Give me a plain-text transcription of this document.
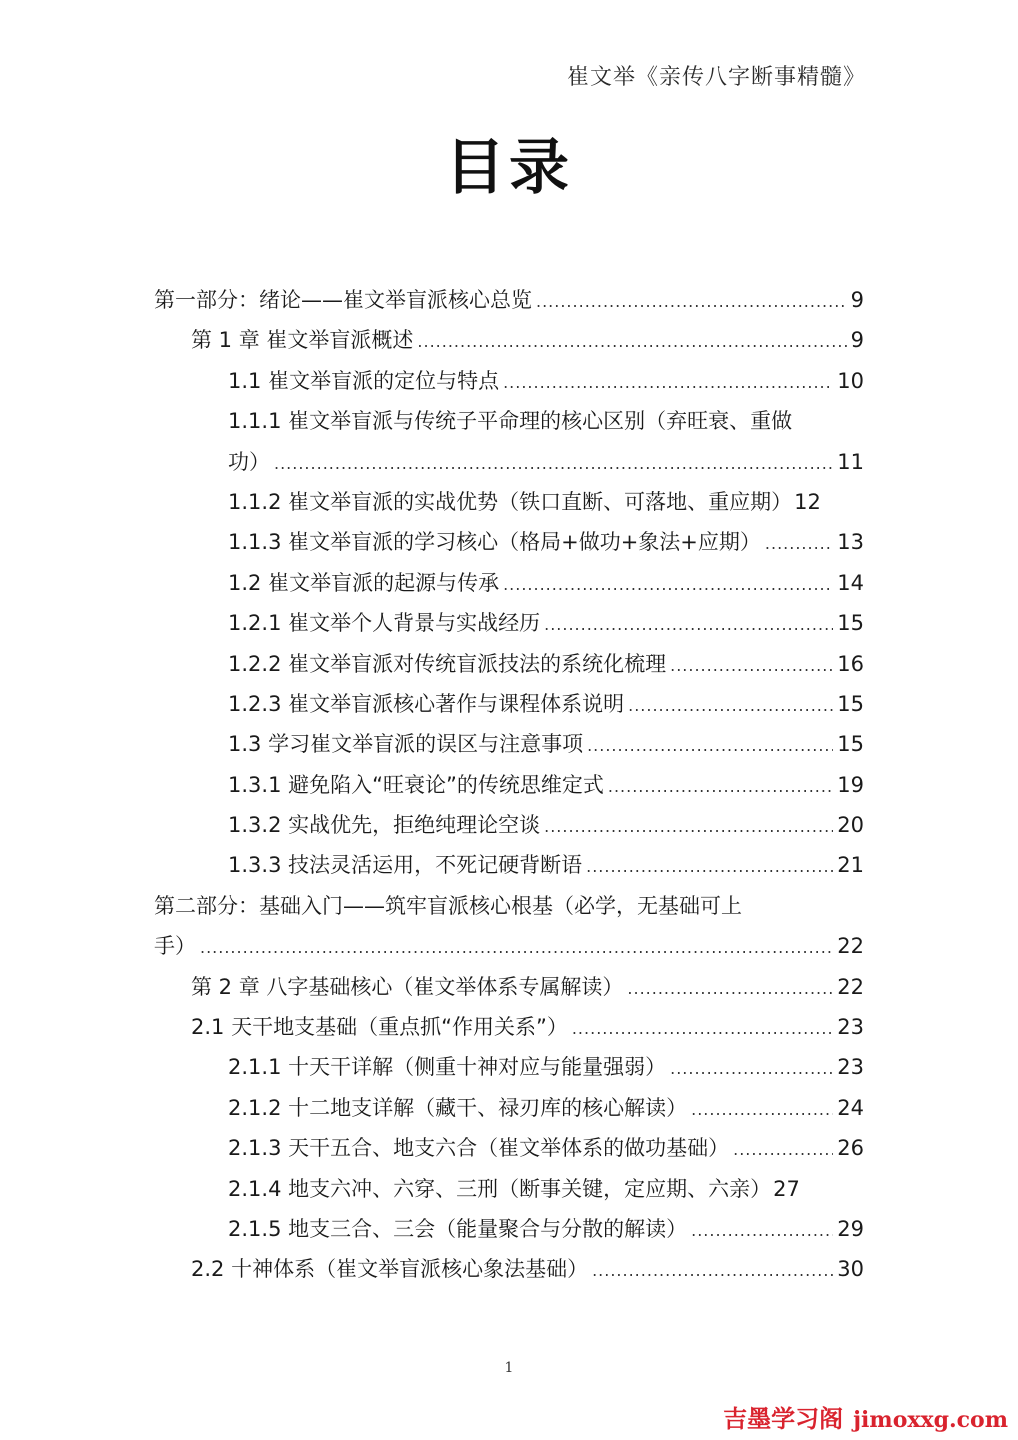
崔文举《亲传八字断事精髓》
目录
第一部分：绪论——崔文举盲派核心总览 .....	9
第 1 章 崔文举盲派概述 .....	9
1.1 崔文举盲派的定位与特点 .....	10
1.1.1 崔文举盲派与传统子平命理的核心区别（弃旺衰、重做
功） .....	11
1.1.2 崔文举盲派的实战优势（铁口直断、可落地、重应期） 12
1.1.3 崔文举盲派的学习核心（格局+做功+象法+应期） .....	13
1.2 崔文举盲派的起源与传承 .....	14
1.2.1 崔文举个人背景与实战经历 .....	15
1.2.2 崔文举盲派对传统盲派技法的系统化梳理 .....	16
1.2.3 崔文举盲派核心著作与课程体系说明 .....	15
1.3 学习崔文举盲派的误区与注意事项 .....	15
1.3.1 避免陷入“旺衰论”的传统思维定式 .....	19
1.3.2 实战优先，拒绝纯理论空谈 .....	20
1.3.3 技法灵活运用，不死记硬背断语 .....	21
第二部分：基础入门——筑牢盲派核心根基（必学，无基础可上
手） .....	22
第 2 章 八字基础核心（崔文举体系专属解读） .....	22
2.1 天干地支基础（重点抓“作用关系”） .....	23
2.1.1 十天干详解（侧重十神对应与能量强弱） .....	23
2.1.2 十二地支详解（藏干、禄刃库的核心解读） .....	24
2.1.3 天干五合、地支六合（崔文举体系的做功基础） .....	26
2.1.4 地支六冲、六穿、三刑（断事关键，定应期、六亲） 27
2.1.5 地支三合、三会（能量聚合与分散的解读） .....	29
2.2 十神体系（崔文举盲派核心象法基础） .....	30
1
吉墨学习阁 jimoxxg.com
